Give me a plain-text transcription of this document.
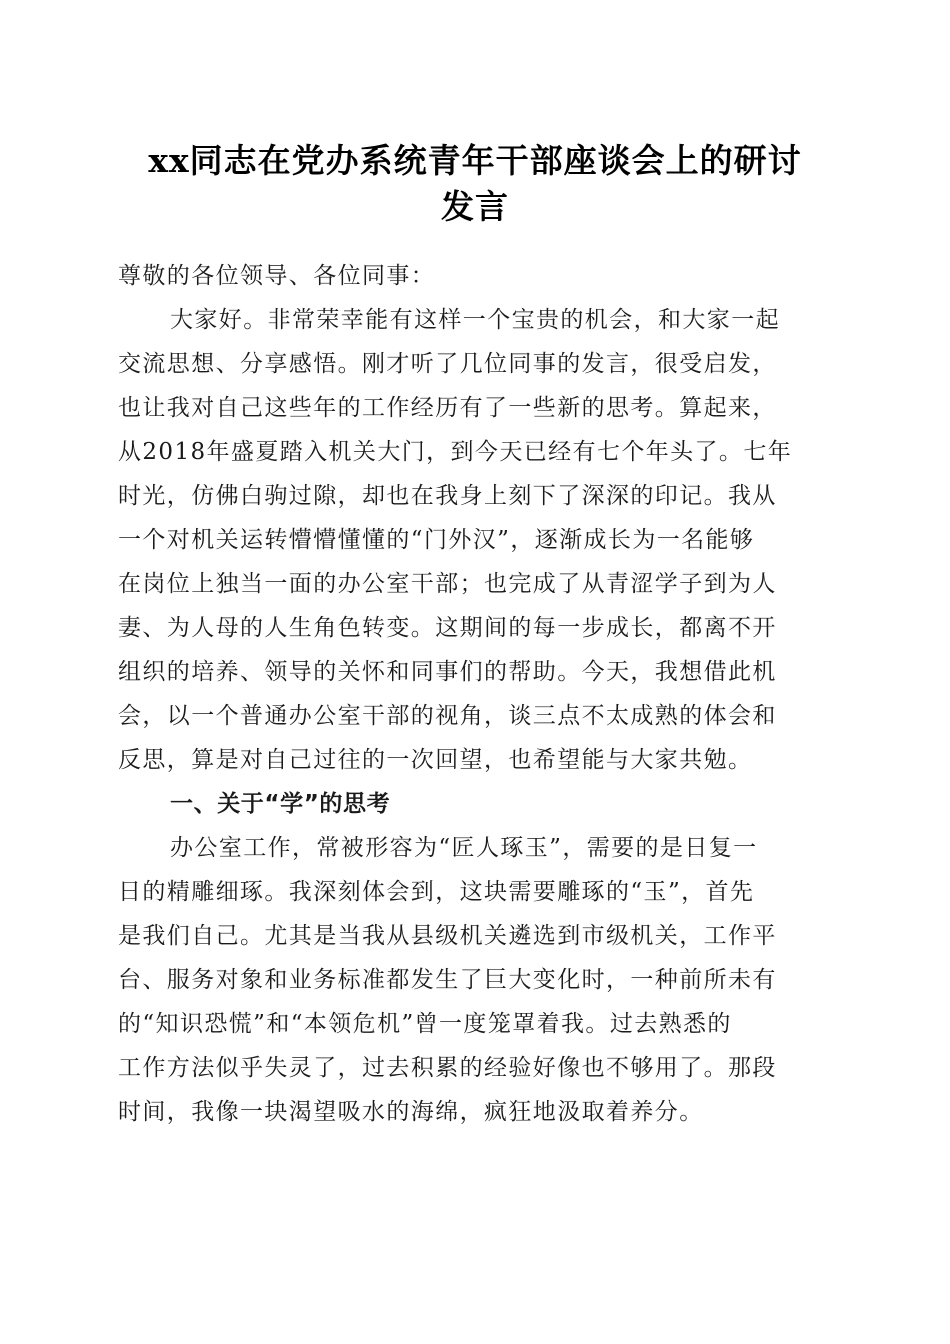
xx同志在党办系统青年干部座谈会上的研讨
发言
尊敬的各位领导、各位同事：
大家好。非常荣幸能有这样一个宝贵的机会，和大家一起
交流思想、分享感悟。刚才听了几位同事的发言，很受启发，
也让我对自己这些年的工作经历有了一些新的思考。算起来，
从2018年盛夏踏入机关大门，到今天已经有七个年头了。七年
时光，仿佛白驹过隙，却也在我身上刻下了深深的印记。我从
一个对机关运转懵懵懂懂的“门外汉”，逐渐成长为一名能够
在岗位上独当一面的办公室干部；也完成了从青涩学子到为人
妻、为人母的人生角色转变。这期间的每一步成长，都离不开
组织的培养、领导的关怀和同事们的帮助。今天，我想借此机
会，以一个普通办公室干部的视角，谈三点不太成熟的体会和
反思，算是对自己过往的一次回望，也希望能与大家共勉。
一、关于“学”的思考
办公室工作，常被形容为“匠人琢玉”，需要的是日复一
日的精雕细琢。我深刻体会到，这块需要雕琢的“玉”，首先
是我们自己。尤其是当我从县级机关遴选到市级机关，工作平
台、服务对象和业务标准都发生了巨大变化时，一种前所未有
的“知识恐慌”和“本领危机”曾一度笼罩着我。过去熟悉的
工作方法似乎失灵了，过去积累的经验好像也不够用了。那段
时间，我像一块渴望吸水的海绵，疯狂地汲取着养分。
